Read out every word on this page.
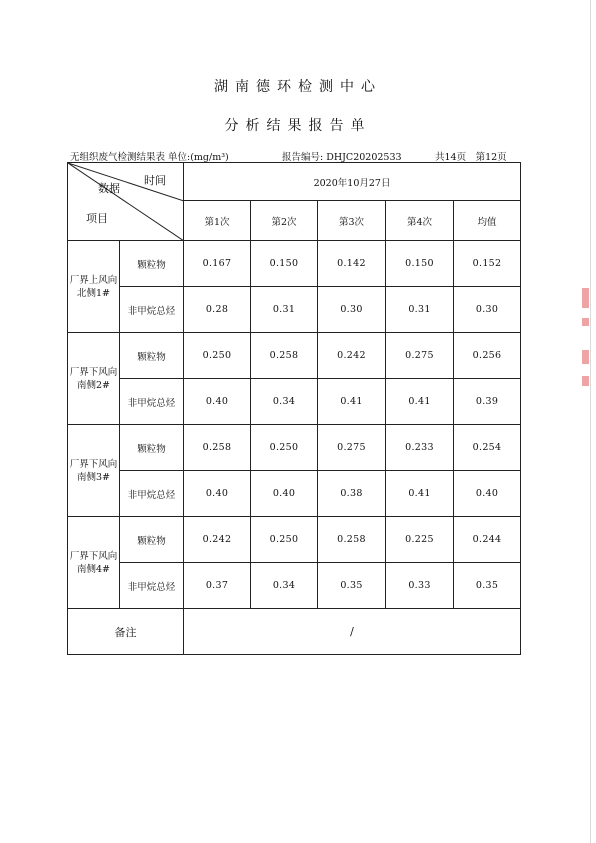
湖南德环检测中心
分析结果报告单
无组织废气检测结果表 单位:(mg/m³)	报告编号: DHJC20202533	共14页　第12页
数据
时间
项目		2020年10月27日				
		第1次	第2次	第3次	第4次	均值
厂界上风向北侧1#	颗粒物	0.167	0.150	0.142	0.150	0.152
	非甲烷总烃	0.28	0.31	0.30	0.31	0.30
厂界下风向南侧2#	颗粒物	0.250	0.258	0.242	0.275	0.256
	非甲烷总烃	0.40	0.34	0.41	0.41	0.39
厂界下风向南侧3#	颗粒物	0.258	0.250	0.275	0.233	0.254
	非甲烷总烃	0.40	0.40	0.38	0.41	0.40
厂界下风向南侧4#	颗粒物	0.242	0.250	0.258	0.225	0.244
	非甲烷总烃	0.37	0.34	0.35	0.33	0.35
备注		/				
